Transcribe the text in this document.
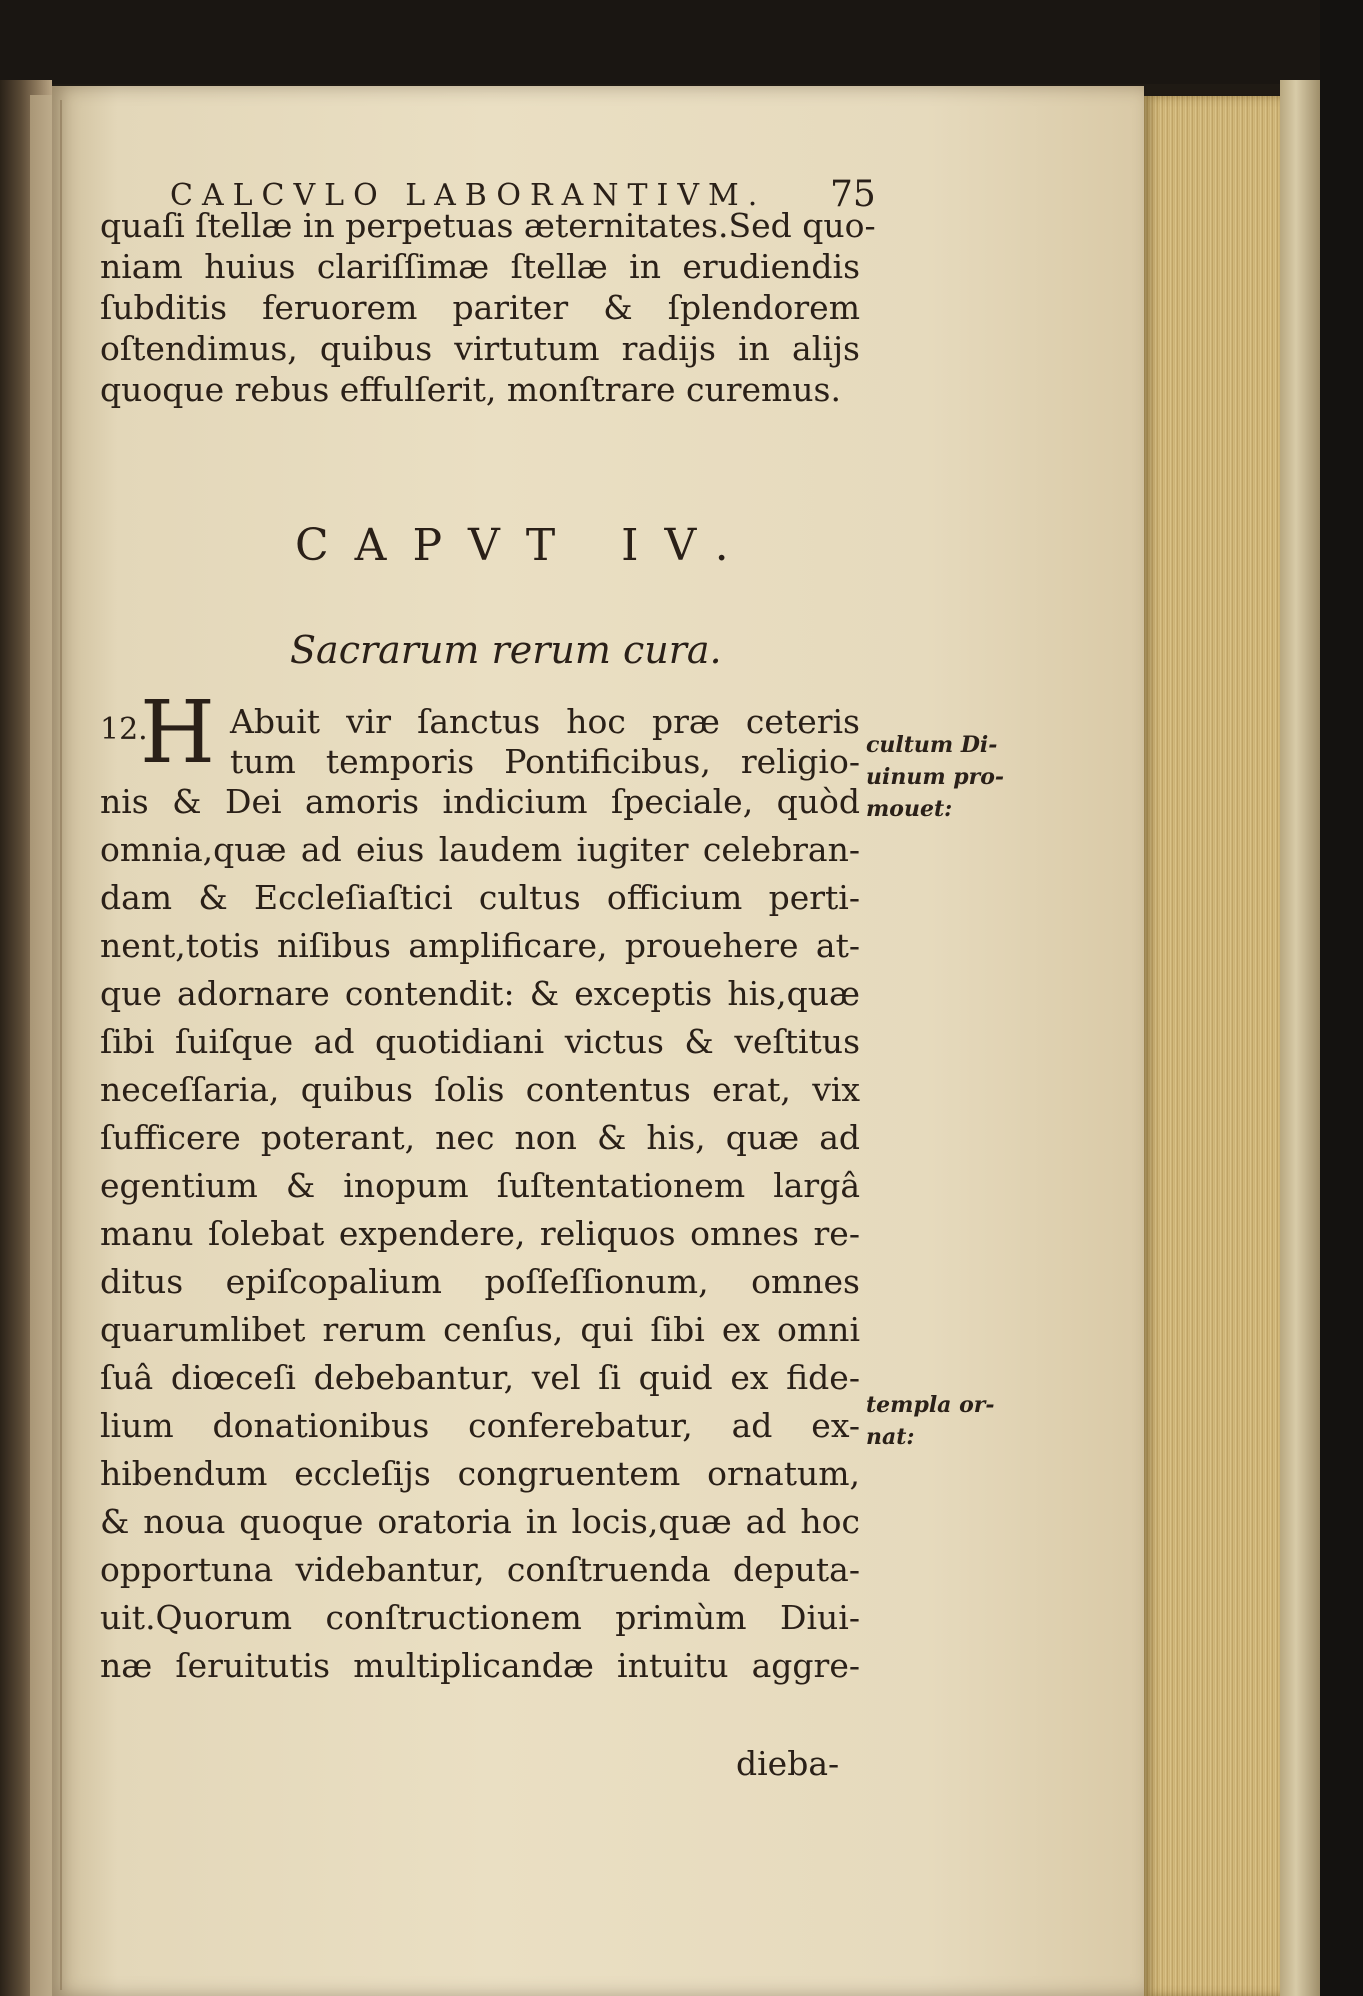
CALCVLO LABORANTIVM. 75
quaſi ſtellæ in perpetuas æternitates.Sed quo-
niam huius clariſſimæ ſtellæ in erudiendis
ſubditis feruorem pariter & ſplendorem
oſtendimus, quibus virtutum radijs in alijs
quoque rebus effulſerit, monſtrare curemus.
CAPVT IV.
Sacrarum rerum cura.
12.
H Abuit vir ſanctus hoc præ ceteris
tum temporis Pontificibus, religio-
nis & Dei amoris indicium ſpeciale, quòd
omnia,quæ ad eius laudem iugiter celebran-
dam & Eccleſiaſtici cultus officium perti-
nent,totis niſibus amplificare, prouehere at-
que adornare contendit: & exceptis his,quæ
ſibi ſuiſque ad quotidiani victus & veſtitus
neceſſaria, quibus ſolis contentus erat, vix
ſufficere poterant, nec non & his, quæ ad
egentium & inopum ſuſtentationem largâ
manu ſolebat expendere, reliquos omnes re-
ditus epiſcopalium poſſeſſionum, omnes
quarumlibet rerum cenſus, qui ſibi ex omni
ſuâ diœceſi debebantur, vel ſi quid ex fide-
lium donationibus conferebatur, ad ex-
hibendum eccleſijs congruentem ornatum,
& noua quoque oratoria in locis,quæ ad hoc
opportuna videbantur, conſtruenda deputa-
uit.Quorum conſtructionem primùm Diui-
næ ſeruitutis multiplicandæ intuitu aggre-
dieba-
cultum Di-
uinum pro-
mouet:
templa or-
nat:
